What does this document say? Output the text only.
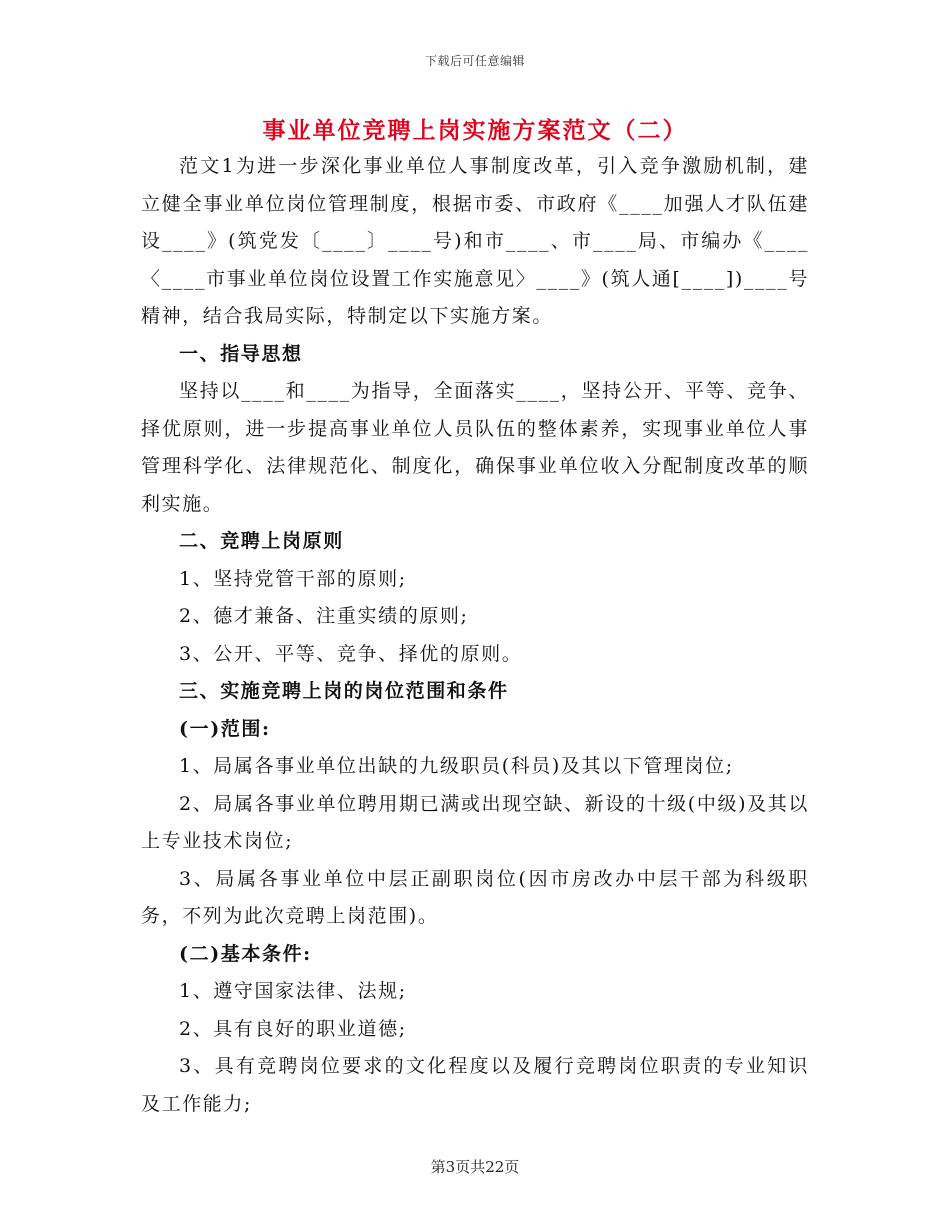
下载后可任意编辑
事业单位竞聘上岗实施方案范文（二）

范文1为进一步深化事业单位人事制度改革，引入竞争激励机制，建立健全事业单位岗位管理制度，根据市委、市政府《____加强人才队伍建设____》(筑党发〔____〕____号)和市____、市____局、市编办《____〈____市事业单位岗位设置工作实施意见〉____》(筑人通[____])____号精神，结合我局实际，特制定以下实施方案。

一、指导思想

坚持以____和____为指导，全面落实____，坚持公开、平等、竞争、择优原则，进一步提高事业单位人员队伍的整体素养，实现事业单位人事管理科学化、法律规范化、制度化，确保事业单位收入分配制度改革的顺利实施。

二、竞聘上岗原则

1、坚持党管干部的原则;

2、德才兼备、注重实绩的原则;

3、公开、平等、竞争、择优的原则。

三、实施竞聘上岗的岗位范围和条件

(一)范围:

1、局属各事业单位出缺的九级职员(科员)及其以下管理岗位;

2、局属各事业单位聘用期已满或出现空缺、新设的十级(中级)及其以上专业技术岗位;

3、局属各事业单位中层正副职岗位(因市房改办中层干部为科级职务，不列为此次竞聘上岗范围)。

(二)基本条件:

1、遵守国家法律、法规;

2、具有良好的职业道德;

3、具有竞聘岗位要求的文化程度以及履行竞聘岗位职责的专业知识及工作能力;

第3页共22页
